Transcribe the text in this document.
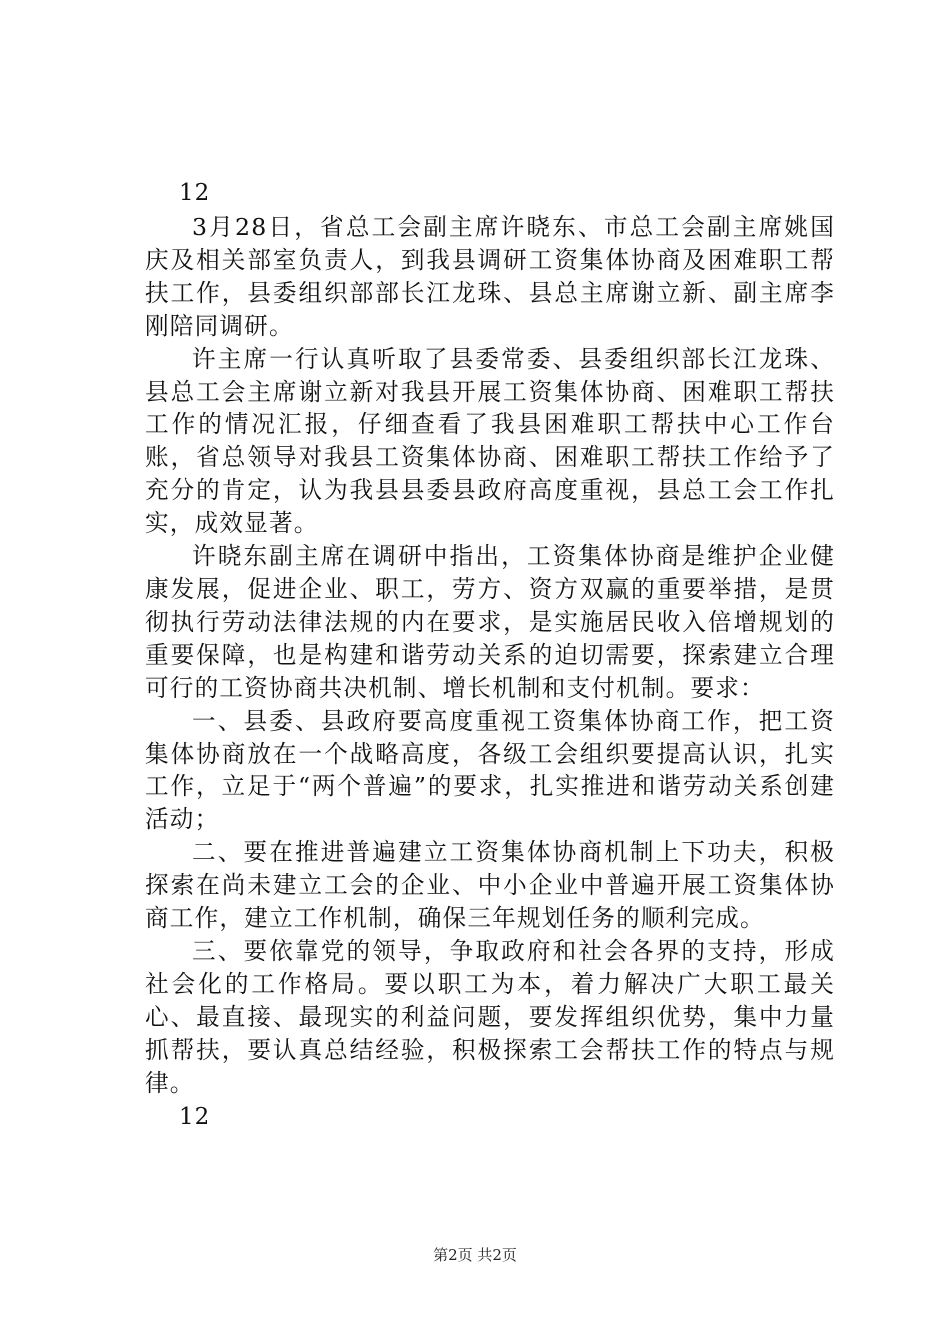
12

3月28日，省总工会副主席许晓东、市总工会副主席姚国庆及相关部室负责人，到我县调研工资集体协商及困难职工帮扶工作，县委组织部部长江龙珠、县总主席谢立新、副主席李刚陪同调研。

许主席一行认真听取了县委常委、县委组织部长江龙珠、县总工会主席谢立新对我县开展工资集体协商、困难职工帮扶工作的情况汇报，仔细查看了我县困难职工帮扶中心工作台账，省总领导对我县工资集体协商、困难职工帮扶工作给予了充分的肯定，认为我县县委县政府高度重视，县总工会工作扎实，成效显著。

许晓东副主席在调研中指出，工资集体协商是维护企业健康发展，促进企业、职工，劳方、资方双赢的重要举措，是贯彻执行劳动法律法规的内在要求，是实施居民收入倍增规划的重要保障，也是构建和谐劳动关系的迫切需要，探索建立合理可行的工资协商共决机制、增长机制和支付机制。要求：

一、县委、县政府要高度重视工资集体协商工作，把工资集体协商放在一个战略高度，各级工会组织要提高认识，扎实工作，立足于“两个普遍”的要求，扎实推进和谐劳动关系创建活动；

二、要在推进普遍建立工资集体协商机制上下功夫，积极探索在尚未建立工会的企业、中小企业中普遍开展工资集体协商工作，建立工作机制，确保三年规划任务的顺利完成。

三、要依靠党的领导，争取政府和社会各界的支持，形成社会化的工作格局。要以职工为本，着力解决广大职工最关心、最直接、最现实的利益问题，要发挥组织优势，集中力量抓帮扶，要认真总结经验，积极探索工会帮扶工作的特点与规律。

12
第2页 共2页
